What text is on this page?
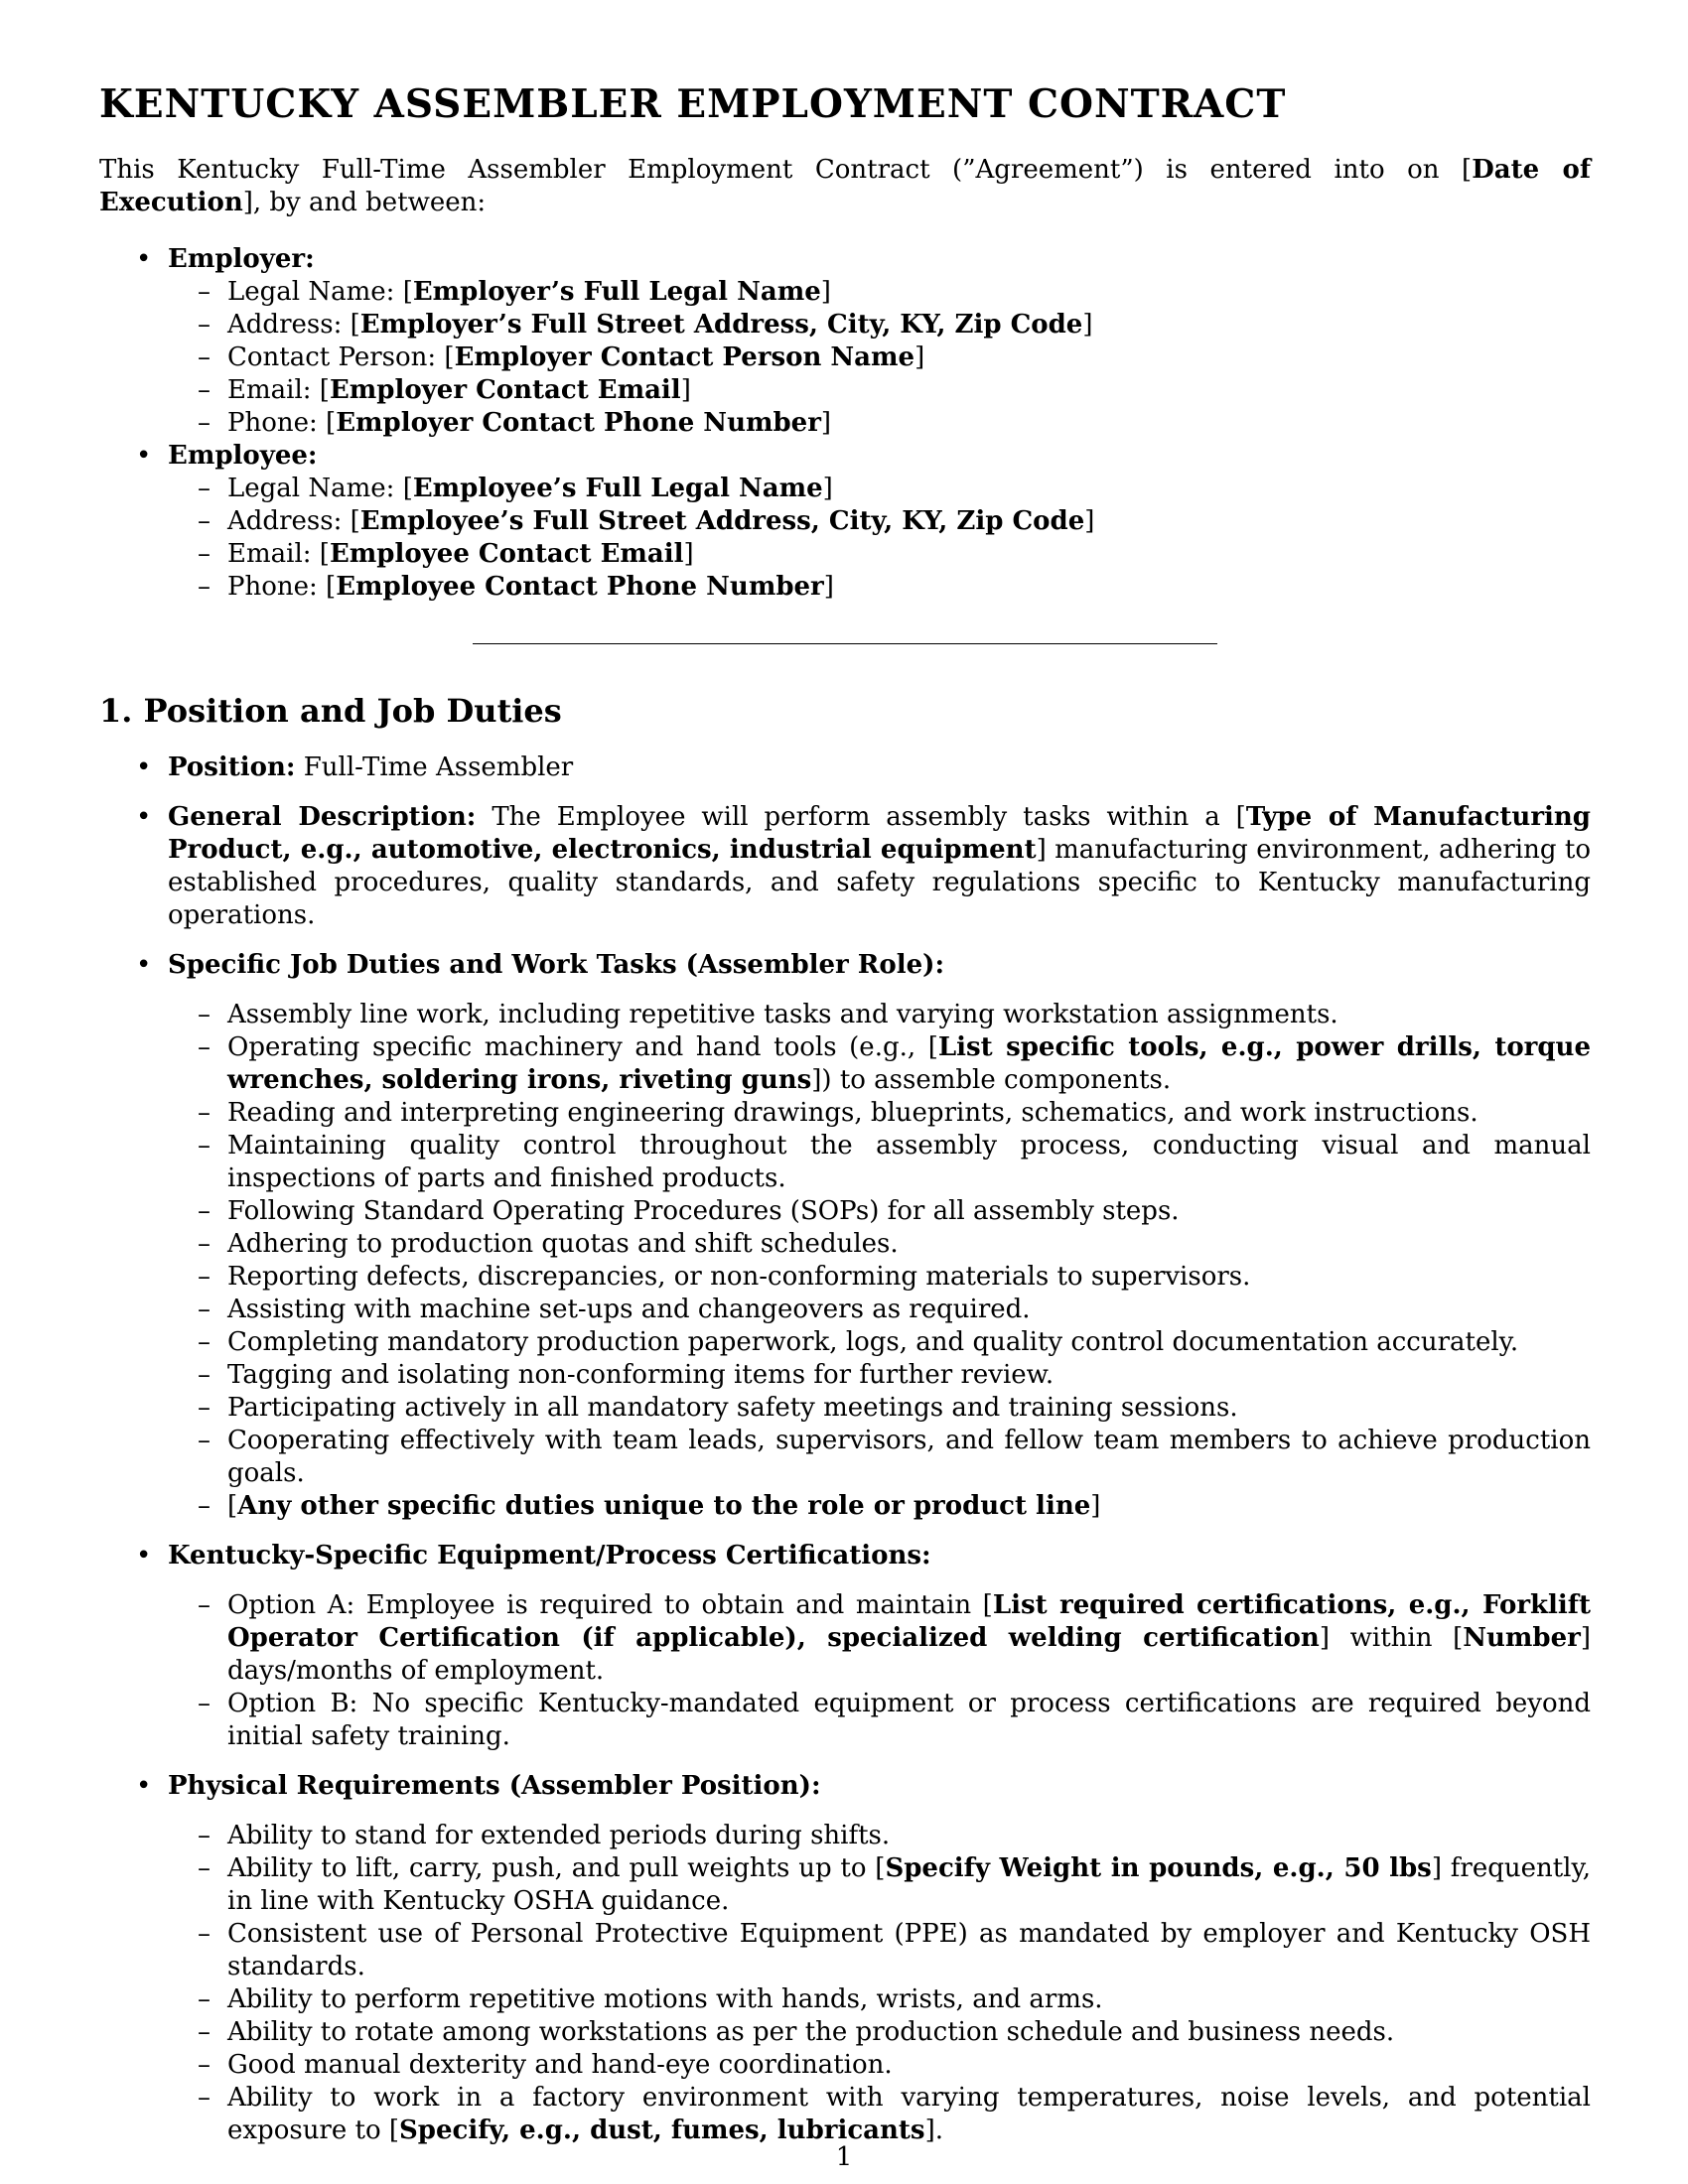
KENTUCKY ASSEMBLER EMPLOYMENT CONTRACT

This Kentucky Full-Time Assembler Employment Contract (”Agreement”) is entered into on [Date of Execution], by and between:

• Employer:
– Legal Name: [Employer’s Full Legal Name]
– Address: [Employer’s Full Street Address, City, KY, Zip Code]
– Contact Person: [Employer Contact Person Name]
– Email: [Employer Contact Email]
– Phone: [Employer Contact Phone Number]
• Employee:
– Legal Name: [Employee’s Full Legal Name]
– Address: [Employee’s Full Street Address, City, KY, Zip Code]
– Email: [Employee Contact Email]
– Phone: [Employee Contact Phone Number]
1. Position and Job Duties
• Position: Full-Time Assembler
• General Description: The Employee will perform assembly tasks within a [Type of Manufacturing Product, e.g., automotive, electronics, industrial equipment] manufacturing environment, adhering to established procedures, quality standards, and safety regulations specific to Kentucky manufacturing operations.
• Specific Job Duties and Work Tasks (Assembler Role):
– Assembly line work, including repetitive tasks and varying workstation assignments.
– Operating specific machinery and hand tools (e.g., [List specific tools, e.g., power drills, torque wrenches, soldering irons, riveting guns]) to assemble components.
– Reading and interpreting engineering drawings, blueprints, schematics, and work instructions.
– Maintaining quality control throughout the assembly process, conducting visual and manual inspections of parts and finished products.
– Following Standard Operating Procedures (SOPs) for all assembly steps.
– Adhering to production quotas and shift schedules.
– Reporting defects, discrepancies, or non-conforming materials to supervisors.
– Assisting with machine set-ups and changeovers as required.
– Completing mandatory production paperwork, logs, and quality control documentation accurately.
– Tagging and isolating non-conforming items for further review.
– Participating actively in all mandatory safety meetings and training sessions.
– Cooperating effectively with team leads, supervisors, and fellow team members to achieve production goals.
– [Any other specific duties unique to the role or product line]
• Kentucky-Specific Equipment/Process Certifications:
– Option A: Employee is required to obtain and maintain [List required certifications, e.g., Forklift Operator Certification (if applicable), specialized welding certification] within [Number] days/months of employment.
– Option B: No specific Kentucky-mandated equipment or process certifications are required beyond initial safety training.
• Physical Requirements (Assembler Position):
– Ability to stand for extended periods during shifts.
– Ability to lift, carry, push, and pull weights up to [Specify Weight in pounds, e.g., 50 lbs] frequently, in line with Kentucky OSHA guidance.
– Consistent use of Personal Protective Equipment (PPE) as mandated by employer and Kentucky OSH standards.
– Ability to perform repetitive motions with hands, wrists, and arms.
– Ability to rotate among workstations as per the production schedule and business needs.
– Good manual dexterity and hand-eye coordination.
– Ability to work in a factory environment with varying temperatures, noise levels, and potential exposure to [Specify, e.g., dust, fumes, lubricants].
1
